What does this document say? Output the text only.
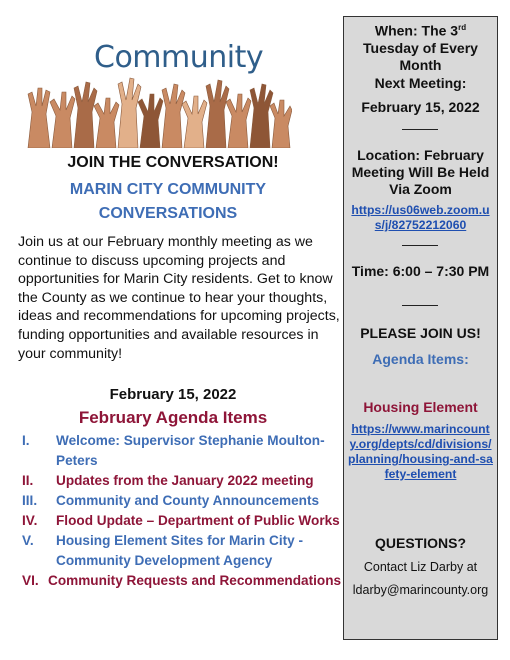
Community
JOIN THE CONVERSATION!
MARIN CITY COMMUNITY
CONVERSATIONS
Join us at our February monthly meeting as we continue to discuss upcoming projects and opportunities for Marin City residents. Get to know the County as we continue to hear your thoughts, ideas and recommendations for upcoming projects, funding opportunities and available resources in your community!
February 15, 2022
February Agenda Items
I. Welcome: Supervisor Stephanie Moulton-Peters
II. Updates from the January 2022 meeting
III. Community and County Announcements
IV. Flood Update – Department of Public Works
V. Housing Element Sites for Marin City - Community Development Agency
VI. Community Requests and Recommendations
When: The 3rd
Tuesday of Every Month
Next Meeting:
February 15, 2022
Location: February Meeting Will Be Held Via Zoom
https://us06web.zoom.us/j/82752212060
Time: 6:00 – 7:30 PM
PLEASE JOIN US!
Agenda Items:
Housing Element
https://www.marincounty.org/depts/cd/divisions/planning/housing-and-safety-element
QUESTIONS?
Contact Liz Darby at
ldarby@marincounty.org
